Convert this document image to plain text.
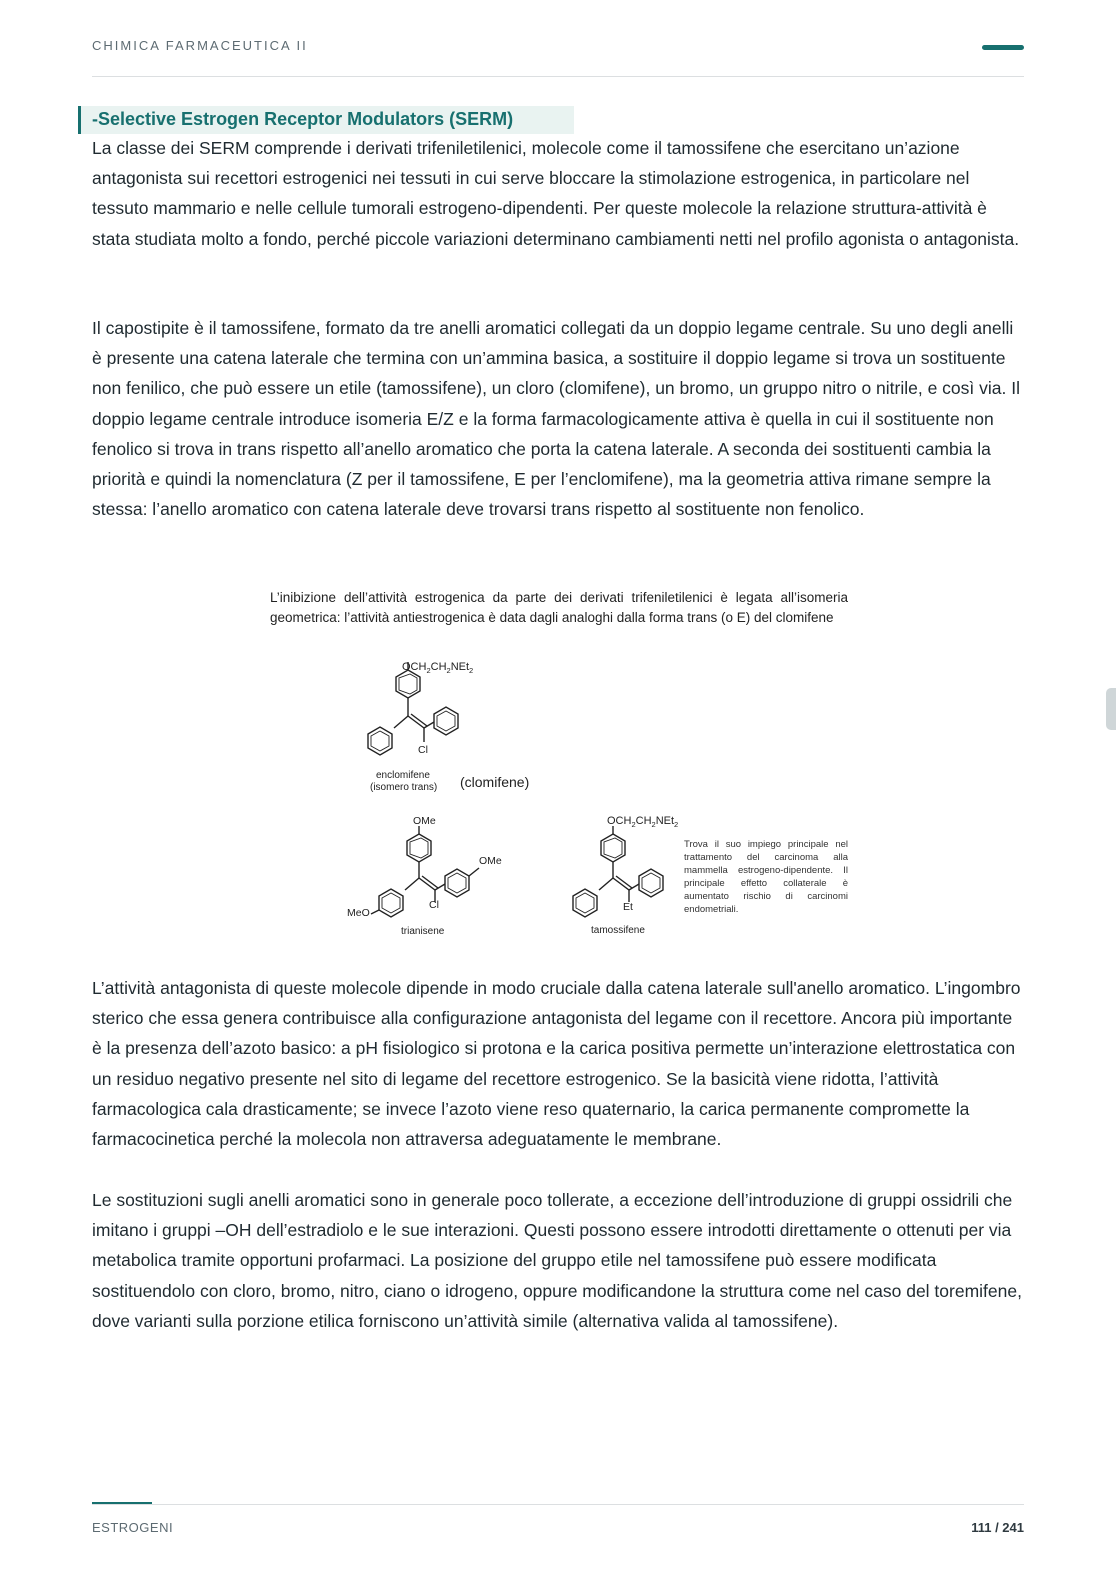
CHIMICA FARMACEUTICA II
-Selective Estrogen Receptor Modulators (SERM)

La classe dei SERM comprende i derivati trifeniletilenici, molecole come il tamossifene che esercitano un’azione antagonista sui recettori estrogenici nei tessuti in cui serve bloccare la stimolazione estrogenica, in particolare nel tessuto mammario e nelle cellule tumorali estrogeno-dipendenti. Per queste molecole la relazione struttura-attività è stata studiata molto a fondo, perché piccole variazioni determinano cambiamenti netti nel profilo agonista o antagonista.

Il capostipite è il tamossifene, formato da tre anelli aromatici collegati da un doppio legame centrale. Su uno degli anelli è presente una catena laterale che termina con un’ammina basica, a sostituire il doppio legame si trova un sostituente non fenilico, che può essere un etile (tamossifene), un cloro (clomifene), un bromo, un gruppo nitro o nitrile, e così via. Il doppio legame centrale introduce isomeria E/Z e la forma farmacologicamente attiva è quella in cui il sostituente non fenolico si trova in trans rispetto all’anello aromatico che porta la catena laterale. A seconda dei sostituenti cambia la priorità e quindi la nomenclatura (Z per il tamossifene, E per l’enclomifene), ma la geometria attiva rimane sempre la stessa: l’anello aromatico con catena laterale deve trovarsi trans rispetto al sostituente non fenolico.

L’inibizione dell’attività estrogenica da parte dei derivati trifeniletilenici è legata all’isomeria geometrica: l’attività antiestrogenica è data dagli analoghi dalla forma trans (o E) del clomifene

$OCH_2CH_2NEt_2$
Cl
enclomifene
(isomero trans) (clomifene)
OMe
OMe
MeO
Cl
trianisene
$OCH_2CH_2NEt_2$
Et
tamossifene

Trova il suo impiego principale nel trattamento del carcinoma alla mammella estrogeno-dipendente. Il principale effetto collaterale è aumentato rischio di carcinomi endometriali.

L’attività antagonista di queste molecole dipende in modo cruciale dalla catena laterale sull'anello aromatico. L’ingombro sterico che essa genera contribuisce alla configurazione antagonista del legame con il recettore. Ancora più importante è la presenza dell’azoto basico: a pH fisiologico si protona e la carica positiva permette un’interazione elettrostatica con un residuo negativo presente nel sito di legame del recettore estrogenico. Se la basicità viene ridotta, l’attività farmacologica cala drasticamente; se invece l’azoto viene reso quaternario, la carica permanente compromette la farmacocinetica perché la molecola non attraversa adeguatamente le membrane.

Le sostituzioni sugli anelli aromatici sono in generale poco tollerate, a eccezione dell’introduzione di gruppi ossidrili che imitano i gruppi –OH dell’estradiolo e le sue interazioni. Questi possono essere introdotti direttamente o ottenuti per via metabolica tramite opportuni profarmaci. La posizione del gruppo etile nel tamossifene può essere modificata sostituendolo con cloro, bromo, nitro, ciano o idrogeno, oppure modificandone la struttura come nel caso del toremifene, dove varianti sulla porzione etilica forniscono un’attività simile (alternativa valida al tamossifene).

ESTROGENI	111 / 241
